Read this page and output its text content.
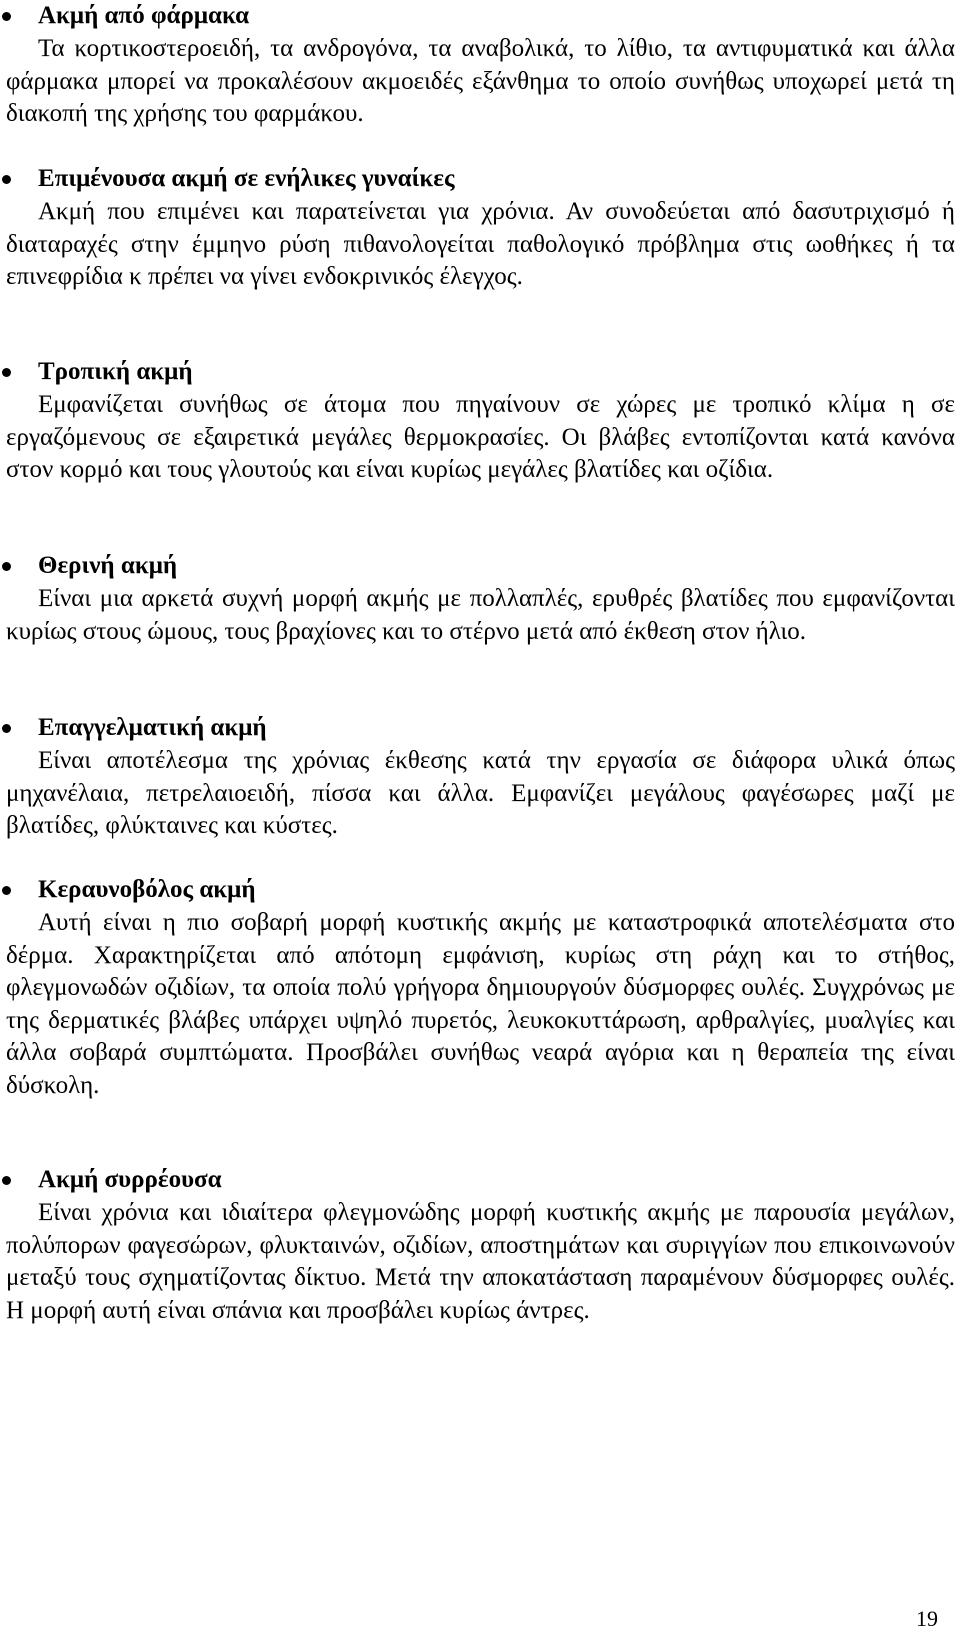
Ακμή από φάρμακα
Τα κορτικοστεροειδή, τα ανδρογόνα, τα αναβολικά, το λίθιο, τα αντιφυματικά και άλλα φάρμακα μπορεί να προκαλέσουν ακμοειδές εξάνθημα το οποίο συνήθως υποχωρεί μετά τη διακοπή της χρήσης του φαρμάκου.
Επιμένουσα ακμή σε ενήλικες γυναίκες
Ακμή που επιμένει και παρατείνεται για χρόνια. Αν συνοδεύεται από δασυτριχισμό ή διαταραχές στην έμμηνο ρύση πιθανολογείται παθολογικό πρόβλημα στις ωοθήκες ή τα επινεφρίδια κ πρέπει να γίνει ενδοκρινικός έλεγχος.
Τροπική ακμή
Εμφανίζεται συνήθως σε άτομα που πηγαίνουν σε χώρες με τροπικό κλίμα η σε εργαζόμενους σε εξαιρετικά μεγάλες θερμοκρασίες. Οι βλάβες εντοπίζονται κατά κανόνα στον κορμό και τους γλουτούς και είναι κυρίως μεγάλες βλατίδες και οζίδια.
Θερινή ακμή
Είναι μια αρκετά συχνή μορφή ακμής με πολλαπλές, ερυθρές βλατίδες που εμφανίζονται κυρίως στους ώμους, τους βραχίονες και το στέρνο μετά από έκθεση στον ήλιο.
Επαγγελματική ακμή
Είναι αποτέλεσμα της χρόνιας έκθεσης κατά την εργασία σε διάφορα υλικά όπως μηχανέλαια, πετρελαιοειδή, πίσσα και άλλα. Εμφανίζει μεγάλους φαγέσωρες μαζί με βλατίδες, φλύκταινες και κύστες.
Κεραυνοβόλος ακμή
Αυτή είναι η πιο σοβαρή μορφή κυστικής ακμής με καταστροφικά αποτελέσματα στο δέρμα. Χαρακτηρίζεται από απότομη εμφάνιση, κυρίως στη ράχη και το στήθος, φλεγμονωδών οζιδίων, τα οποία πολύ γρήγορα δημιουργούν δύσμορφες ουλές. Συγχρόνως με της δερματικές βλάβες υπάρχει υψηλό πυρετός, λευκοκυττάρωση, αρθραλγίες, μυαλγίες και άλλα σοβαρά συμπτώματα. Προσβάλει συνήθως νεαρά αγόρια και η θεραπεία της είναι δύσκολη.
Ακμή συρρέουσα
Είναι χρόνια και ιδιαίτερα φλεγμονώδης μορφή κυστικής ακμής με παρουσία μεγάλων, πολύπορων φαγεσώρων, φλυκταινών, οζιδίων, αποστημάτων και συριγγίων που επικοινωνούν μεταξύ τους σχηματίζοντας δίκτυο. Μετά την αποκατάσταση παραμένουν δύσμορφες ουλές. Η μορφή αυτή είναι σπάνια και προσβάλει κυρίως άντρες.
19
